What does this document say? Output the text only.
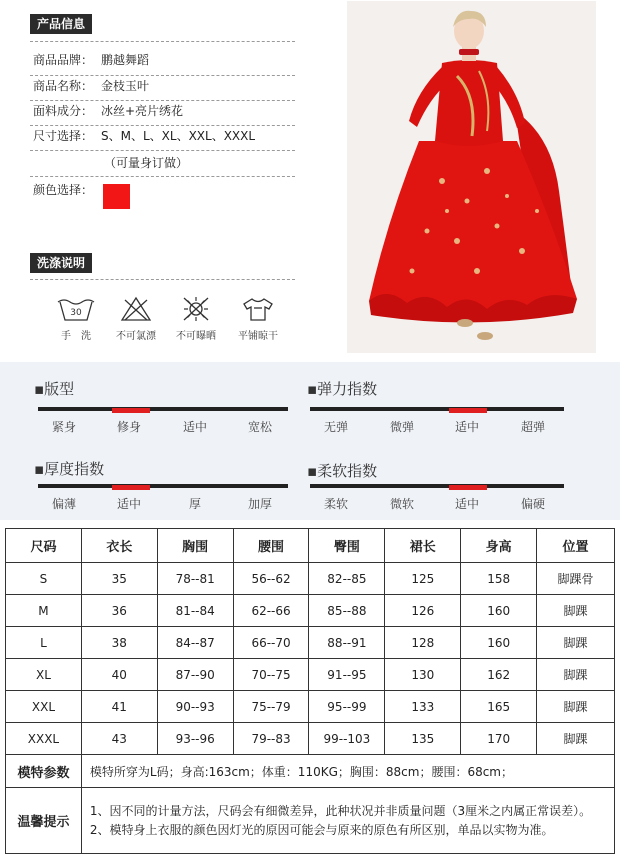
产品信息
商品品牌： 鹏越舞蹈
商品名称： 金枝玉叶
面料成分： 冰丝+亮片绣花
尺寸选择： S、M、L、XL、XXL、XXXL
（可量身订做）
颜色选择：
洗涤说明
30
手　洗	不可氯漂	不可曝晒	平铺晾干
▪版型
紧身	修身	适中	宽松
▪弹力指数
无弹	微弹	适中	超弹
▪厚度指数
偏薄	适中	厚	加厚
▪柔软指数
柔软	微软	适中	偏硬
尺码	衣长	胸围	腰围	臀围	裙长	身高	位置
S	35	78--81	56--62	82--85	125	158	脚踝骨
M	36	81--84	62--66	85--88	126	160	脚踝
L	38	84--87	66--70	88--91	128	160	脚踝
XL	40	87--90	70--75	91--95	130	162	脚踝
XXL	41	90--93	75--79	95--99	133	165	脚踝
XXXL	43	93--96	79--83	99--103	135	170	脚踝
模特参数	模特所穿为L码；身高:163cm；体重：110KG；胸围：88cm；腰围：68cm；						
温馨提示	1、因不同的计量方法，尺码会有细微差异，此种状况并非质量问题（3厘米之内属正常误差）。
2、模特身上衣服的颜色因灯光的原因可能会与原来的原色有所区别，单品以实物为准。						
